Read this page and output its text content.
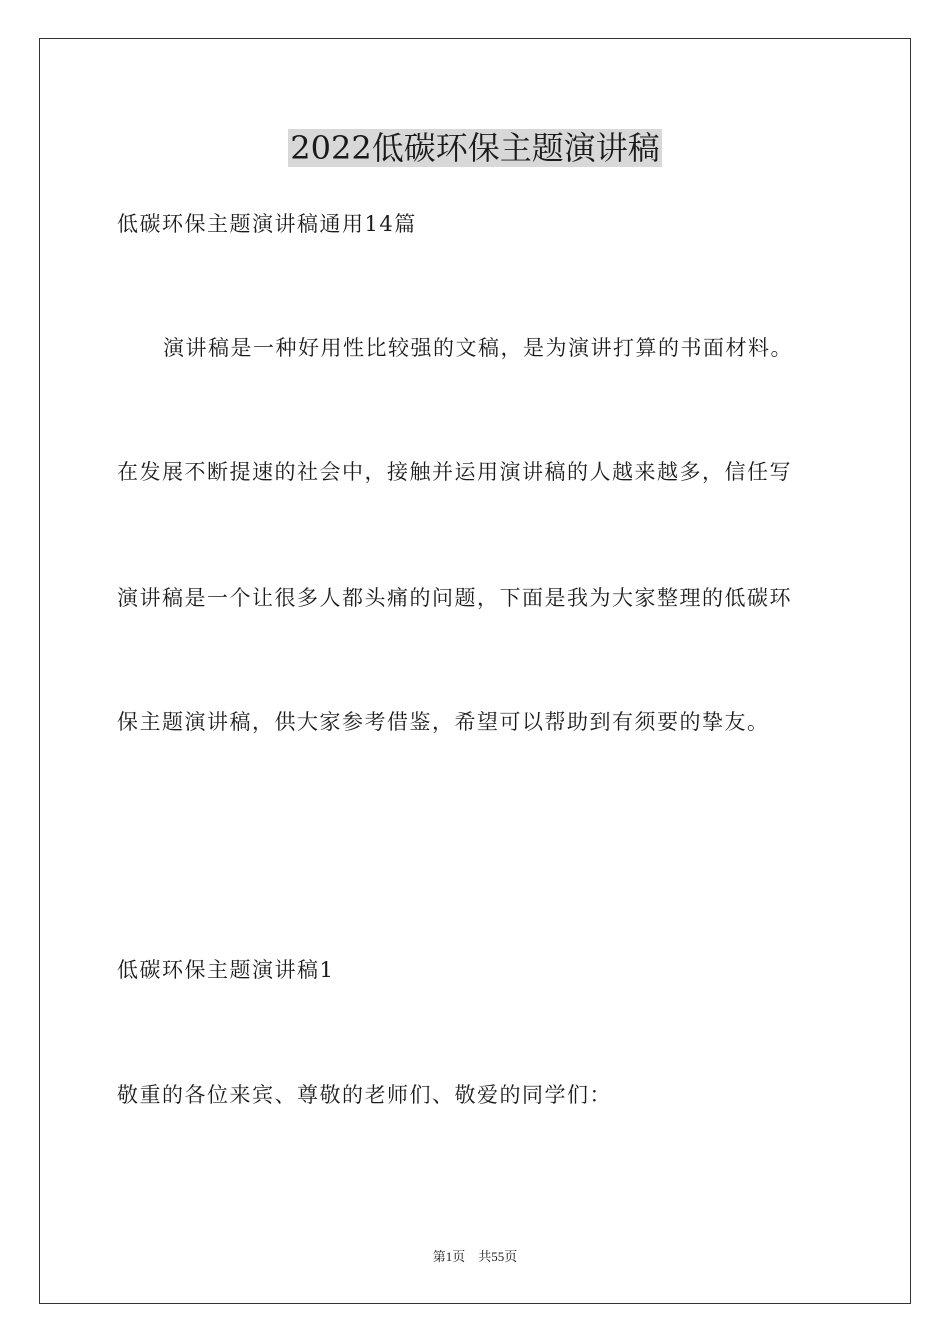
2022低碳环保主题演讲稿
低碳环保主题演讲稿通用14篇
演讲稿是一种好用性比较强的文稿，是为演讲打算的书面材料。
在发展不断提速的社会中，接触并运用演讲稿的人越来越多，信任写
演讲稿是一个让很多人都头痛的问题，下面是我为大家整理的低碳环
保主题演讲稿，供大家参考借鉴，希望可以帮助到有须要的挚友。
低碳环保主题演讲稿1
敬重的各位来宾、尊敬的老师们、敬爱的同学们：
第1页　共55页
